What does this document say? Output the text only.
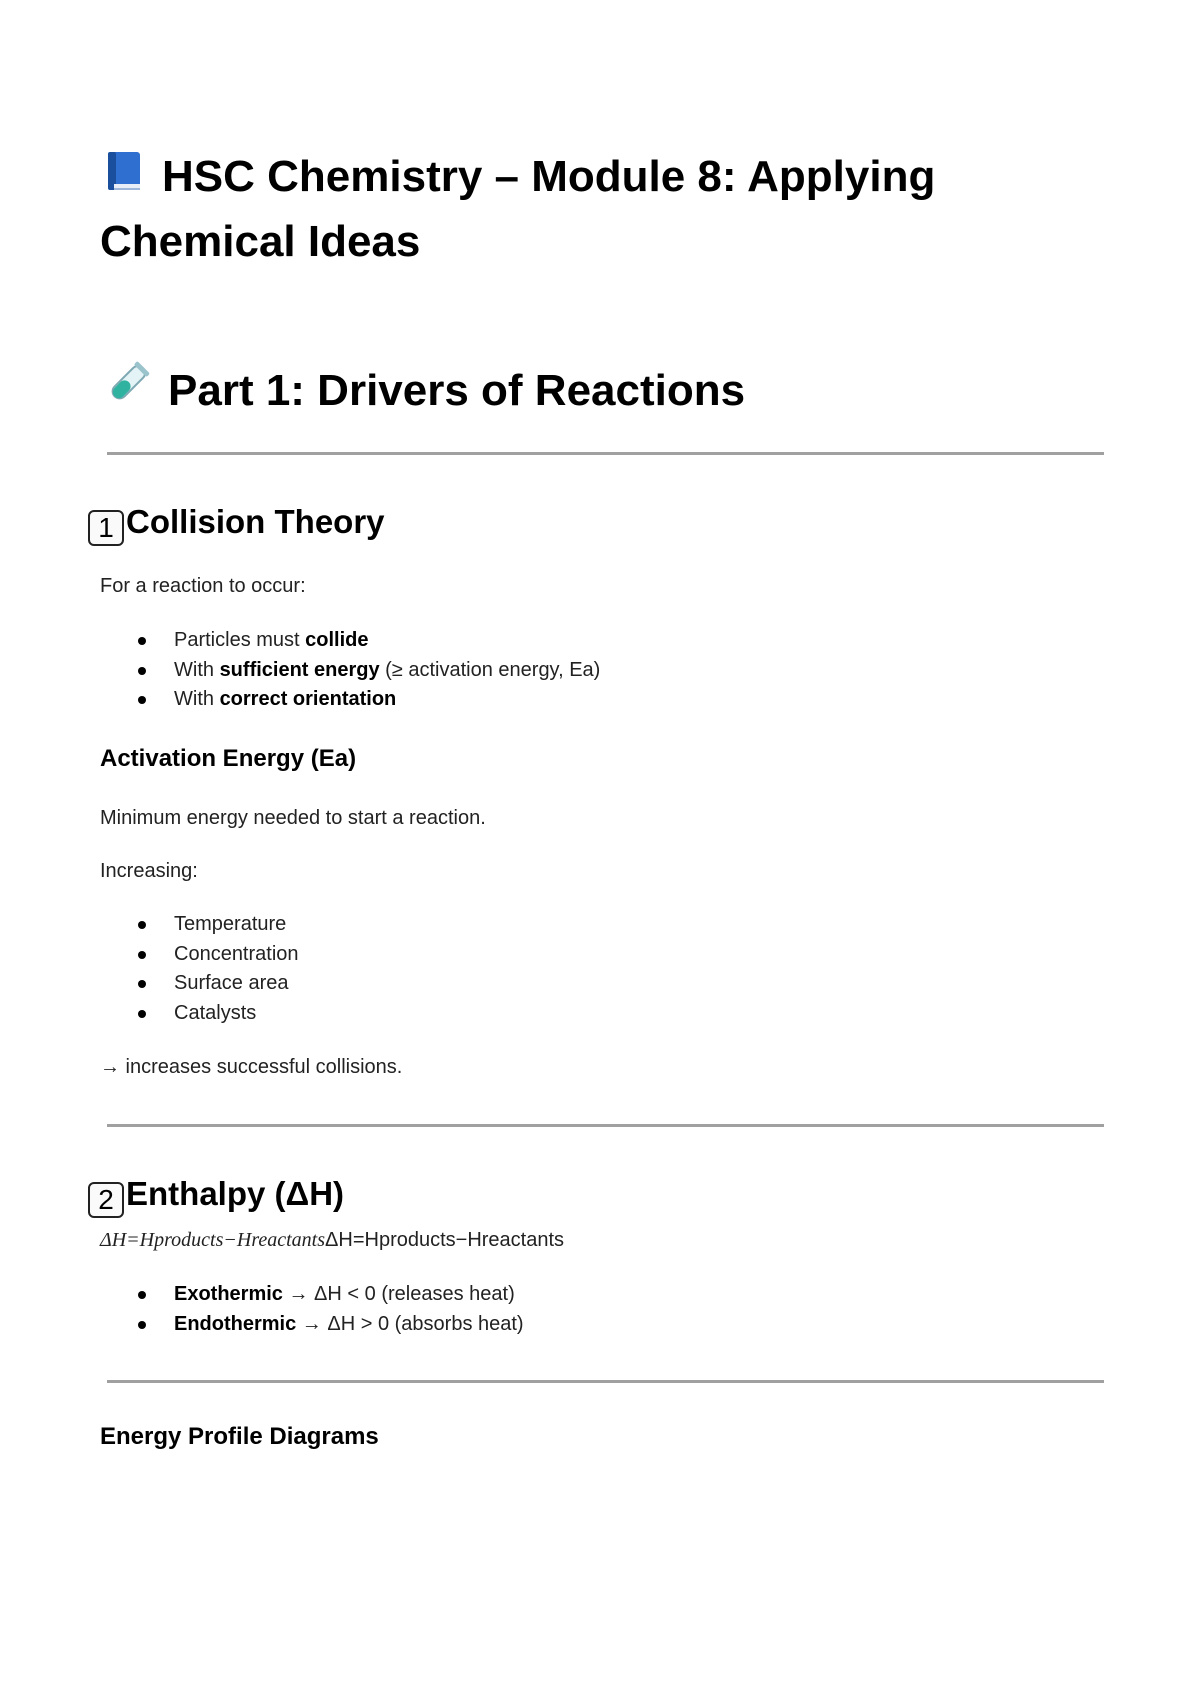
HSC Chemistry – Module 8: Applying
Chemical Ideas
Part 1: Drivers of Reactions
1 Collision Theory

For a reaction to occur:

Particles must collide
With sufficient energy (≥ activation energy, Ea)
With correct orientation
Activation Energy (Ea)

Minimum energy needed to start a reaction.

Increasing:

Temperature
Concentration
Surface area
Catalysts

→ increases successful collisions.

2 Enthalpy (ΔH)

ΔH=Hproducts−HreactantsΔH=Hproducts−Hreactants

Exothermic → ΔH < 0 (releases heat)
Endothermic → ΔH > 0 (absorbs heat)
Energy Profile Diagrams
